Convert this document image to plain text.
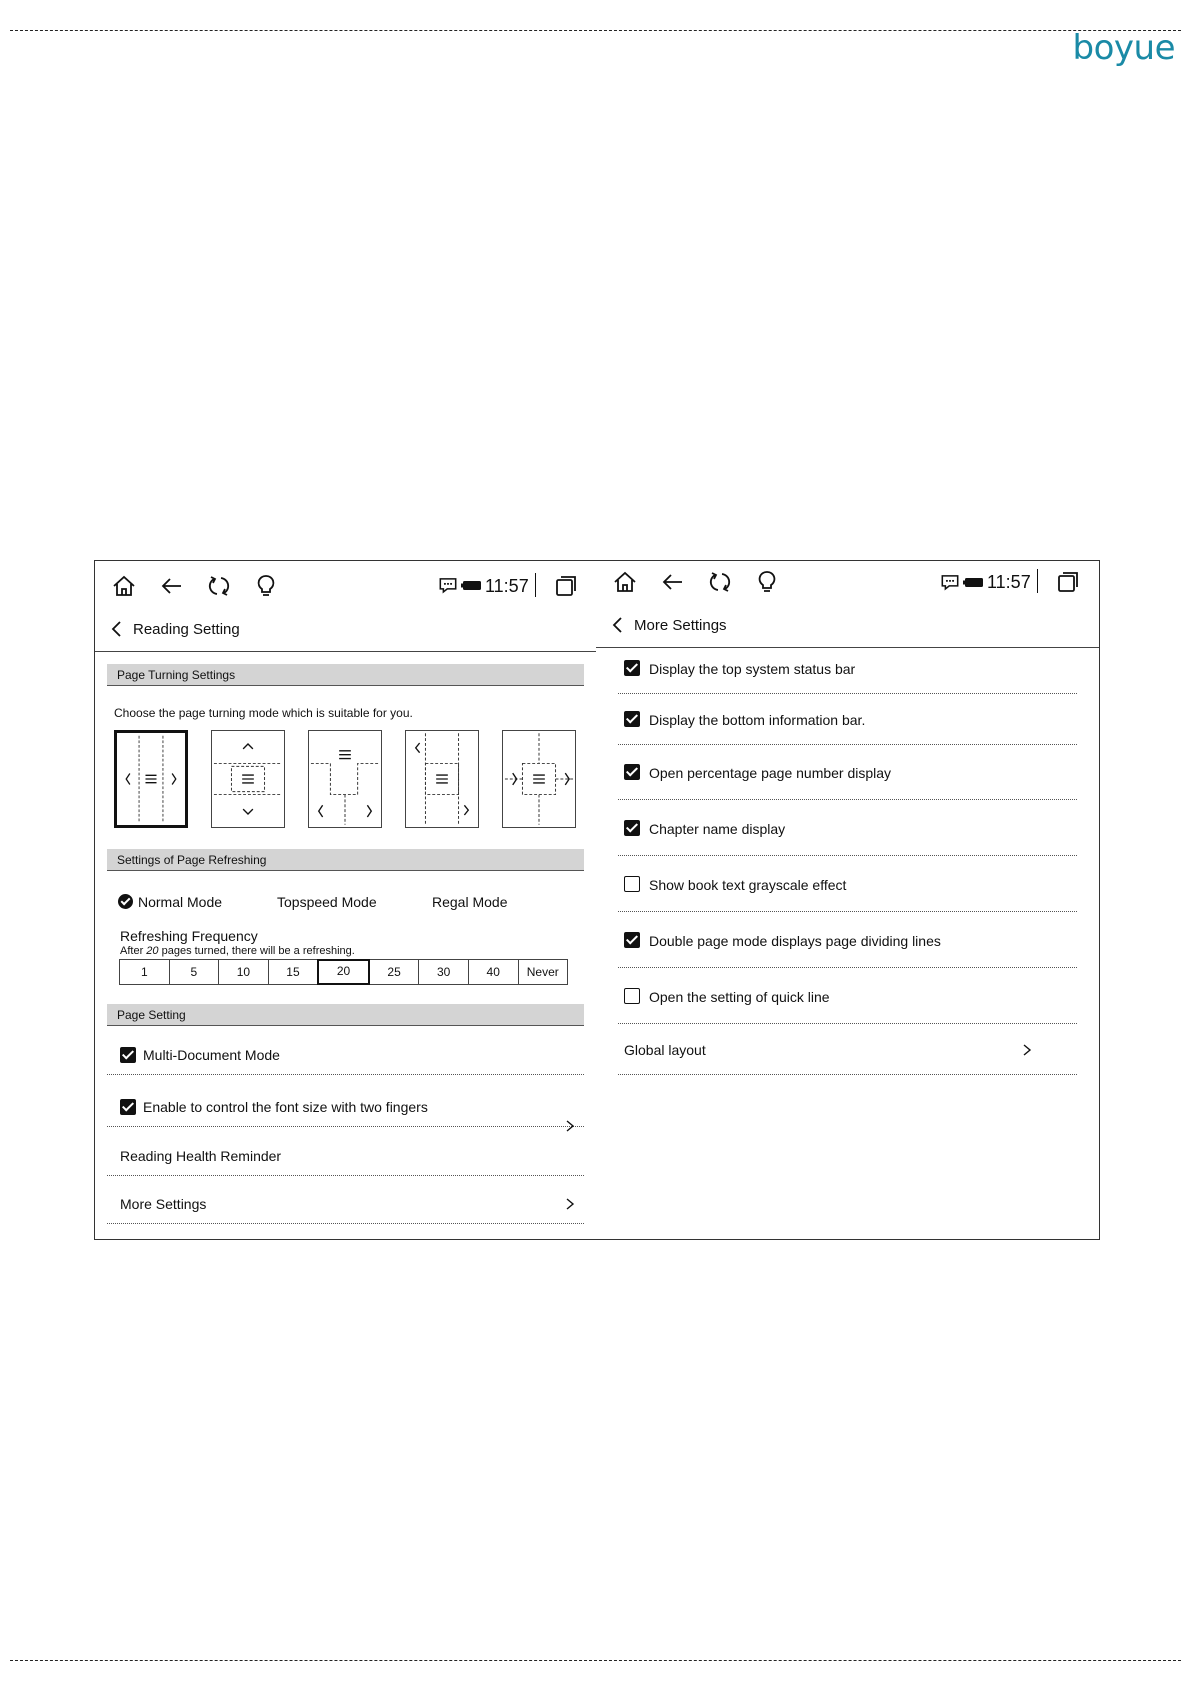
boyue
11:57
Reading Setting
Page Turning Settings
Choose the page turning mode which is suitable for you.
Settings of Page Refreshing
Normal Mode	Topspeed Mode	Regal Mode
Refreshing Frequency
After 20 pages turned, there will be a refreshing.
1	5	10	15	20	25	30	40	Never
Page Setting
Multi-Document Mode
Enable to control the font size with two fingers
Reading Health Reminder
More Settings
11:57
More Settings
Display the top system status bar
Display the bottom information bar.
Open percentage page number display
Chapter name display
Show book text grayscale effect
Double page mode displays page dividing lines
Open the setting of quick line
Global layout
